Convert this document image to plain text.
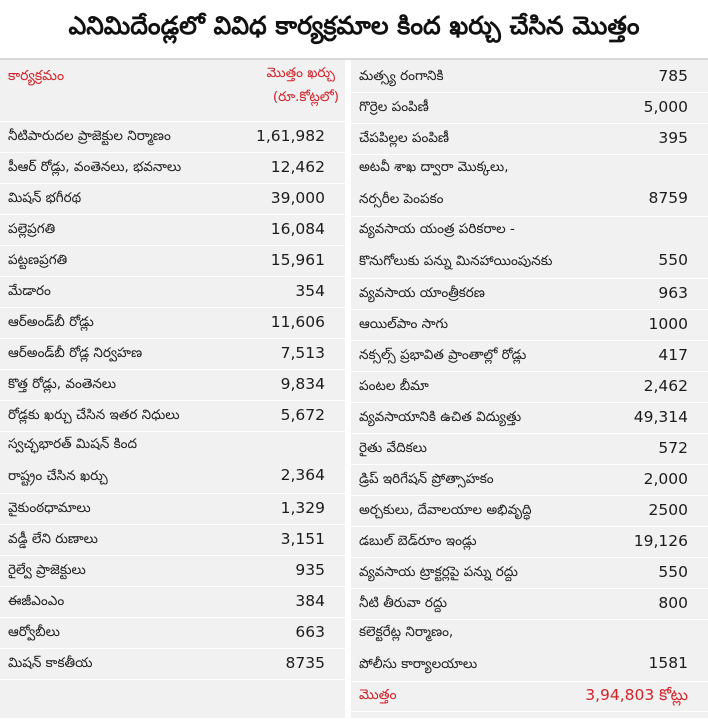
ఎనిమిదేండ్లలో వివిధ కార్యక్రమాల కింద ఖర్చు చేసిన మొత్తం
కార్యక్రమం	మొత్తం ఖర్చు
(రూ.కోట్లలో)
నీటిపారుదల ప్రాజెక్టుల నిర్మాణం	1,61,982
పీఆర్ రోడ్లు, వంతెనలు, భవనాలు	12,462
మిషన్ భగీరథ	39,000
పల్లెప్రగతి	16,084
పట్టణప్రగతి	15,961
మేడారం	354
ఆర్అండ్‌బీ రోడ్లు	11,606
ఆర్అండ్‌బీ రోడ్ల నిర్వహణ	7,513
కొత్త రోడ్లు, వంతెనలు	9,834
రోడ్లకు ఖర్చు చేసిన ఇతర నిధులు	5,672
స్వచ్ఛభారత్ మిషన్ కింద
రాష్ట్రం చేసిన ఖర్చు	2,364
వైకుంఠధామాలు	1,329
వడ్డీ లేని రుణాలు	3,151
రైల్వే ప్రాజెక్టులు	935
ఈజీఎంఎం	384
ఆర్వోబీలు	663
మిషన్ కాకతీయ	8735
మత్స్య రంగానికి	785
గొర్రెల పంపిణీ	5,000
చేపపిల్లల పంపిణీ	395
అటవీ శాఖ ద్వారా మొక్కలు,
నర్సరీల పెంపకం	8759
వ్యవసాయ యంత్ర పరికరాల -
కొనుగోలుకు పన్ను మినహాయింపునకు	550
వ్యవసాయ యాంత్రీకరణ	963
ఆయిల్‌పాం సాగు	1000
నక్సల్స్ ప్రభావిత ప్రాంతాల్లో రోడ్లు	417
పంటల బీమా	2,462
వ్యవసాయానికి ఉచిత విద్యుత్తు	49,314
రైతు వేదికలు	572
డ్రిప్ ఇరిగేషన్ ప్రోత్సాహకం	2,000
అర్చకులు, దేవాలయాల అభివృద్ధి	2500
డబుల్ బెడ్‌రూం ఇండ్లు	19,126
వ్యవసాయ ట్రాక్టర్లపై పన్ను రద్దు	550
నీటి తీరువా రద్దు	800
కలెక్టరేట్ల నిర్మాణం,
పోలీసు కార్యాలయాలు	1581
మొత్తం	3,94,803 కోట్లు
